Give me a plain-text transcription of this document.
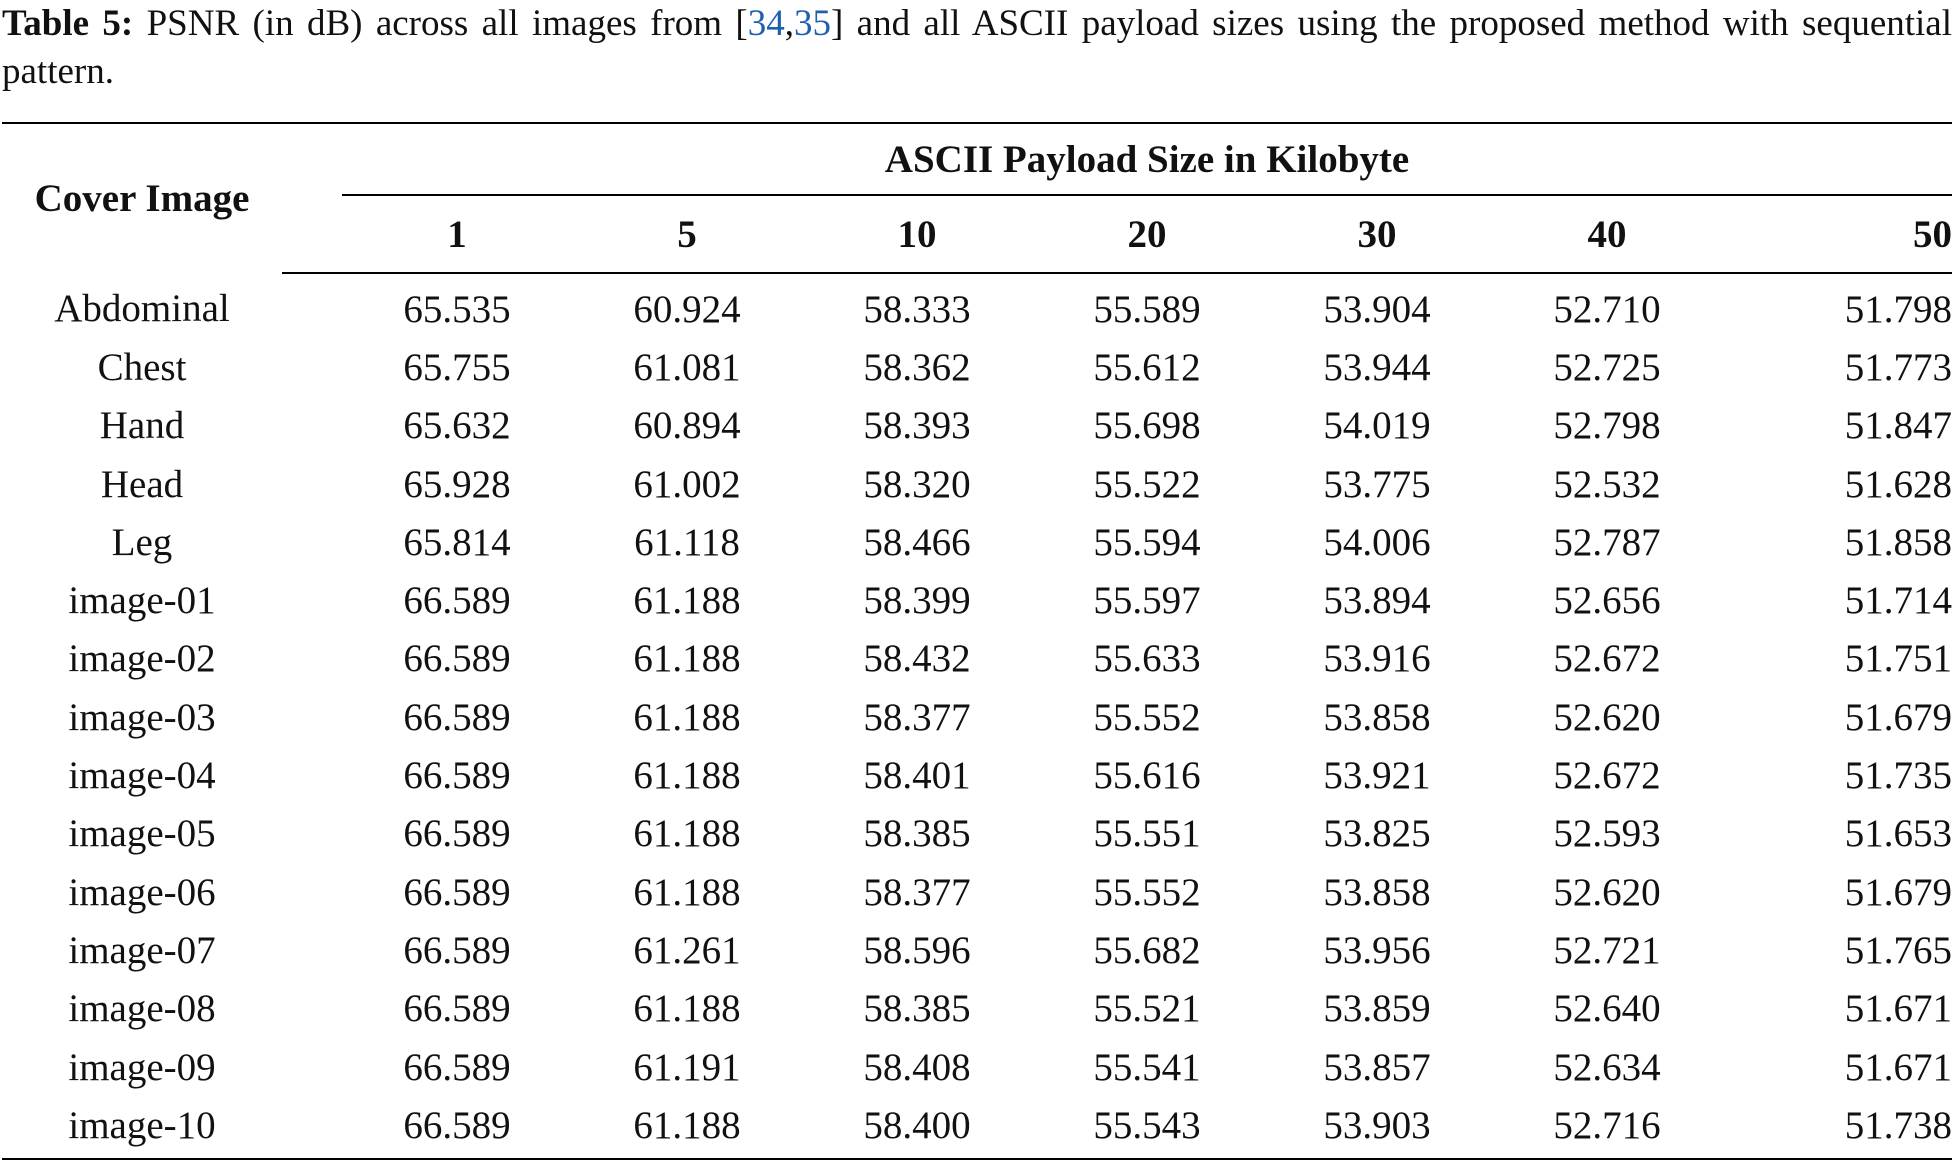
Table 5: PSNR (in dB) across all images from [34,35] and all ASCII payload sizes using the proposed method with sequential pattern.
Cover Image		ASCII Payload Size in Kilobyte						
		1	5	10	20	30	40	50
Abdominal		65.535	60.924	58.333	55.589	53.904	52.710	51.798
Chest		65.755	61.081	58.362	55.612	53.944	52.725	51.773
Hand		65.632	60.894	58.393	55.698	54.019	52.798	51.847
Head		65.928	61.002	58.320	55.522	53.775	52.532	51.628
Leg		65.814	61.118	58.466	55.594	54.006	52.787	51.858
image-01		66.589	61.188	58.399	55.597	53.894	52.656	51.714
image-02		66.589	61.188	58.432	55.633	53.916	52.672	51.751
image-03		66.589	61.188	58.377	55.552	53.858	52.620	51.679
image-04		66.589	61.188	58.401	55.616	53.921	52.672	51.735
image-05		66.589	61.188	58.385	55.551	53.825	52.593	51.653
image-06		66.589	61.188	58.377	55.552	53.858	52.620	51.679
image-07		66.589	61.261	58.596	55.682	53.956	52.721	51.765
image-08		66.589	61.188	58.385	55.521	53.859	52.640	51.671
image-09		66.589	61.191	58.408	55.541	53.857	52.634	51.671
image-10		66.589	61.188	58.400	55.543	53.903	52.716	51.738
